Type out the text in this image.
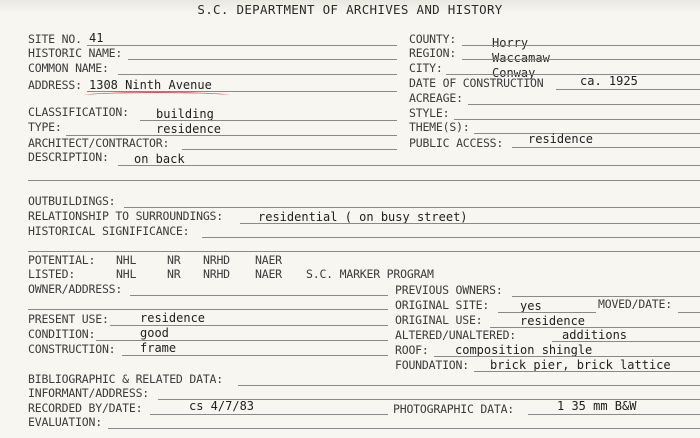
S.C. DEPARTMENT OF ARCHIVES AND HISTORY
SITE NO. 41
HISTORIC NAME:
COMMON NAME:
ADDRESS: 1308 Ninth Avenue
CLASSIFICATION: building
TYPE:	residence
ARCHITECT/CONTRACTOR:
DESCRIPTION: on back
OUTBUILDINGS:
RELATIONSHIP TO SURROUNDINGS:	residential ( on busy street)
HISTORICAL SIGNIFICANCE:
POTENTIAL: NHL	NR NRHD NAER
LISTED:	NHL	NR NRHD NAER S.C. MARKER PROGRAM
OWNER/ADDRESS:
PRESENT USE:	residence
CONDITION:	good
CONSTRUCTION: frame
BIBLIOGRAPHIC & RELATED DATA:
INFORMANT/ADDRESS:
RECORDED BY/DATE:	cs 4/7/83
EVALUATION:
COUNTY:	Horry
REGION:	Waccamaw
CITY:	Conway
DATE OF CONSTRUCTION	ca. 1925
ACREAGE:
STYLE:
THEME(S):
PUBLIC ACCESS: residence
PREVIOUS OWNERS:
ORIGINAL SITE:	yes	MOVED/DATE:
ORIGINAL USE:	residence
ALTERED/UNALTERED:	additions
ROOF: composition shingle
FOUNDATION: brick pier, brick lattice
PHOTOGRAPHIC DATA:	1 35 mm B&W
